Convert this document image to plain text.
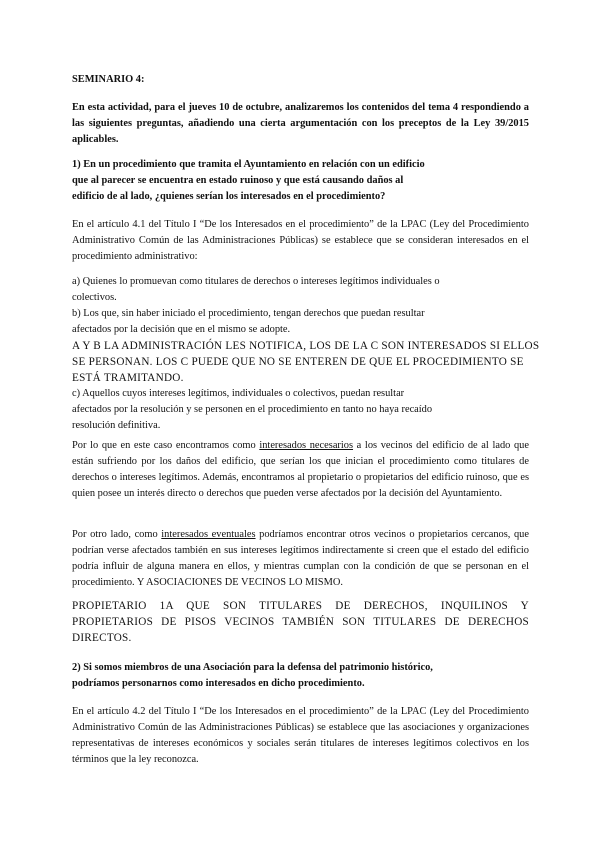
SEMINARIO 4:
En esta actividad, para el jueves 10 de octubre, analizaremos los contenidos del tema 4 respondiendo a las siguientes preguntas, añadiendo una cierta argumentación con los preceptos de la Ley 39/2015 aplicables.
1) En un procedimiento que tramita el Ayuntamiento en relación con un edificio
que al parecer se encuentra en estado ruinoso y que está causando daños al
edificio de al lado, ¿quienes serían los interesados en el procedimiento?
En el artículo 4.1 del Título I “De los Interesados en el procedimiento” de la LPAC (Ley del Procedimiento Administrativo Común de las Administraciones Públicas) se establece que se consideran interesados en el procedimiento administrativo:
a) Quienes lo promuevan como titulares de derechos o intereses legítimos individuales o
colectivos.
b) Los que, sin haber iniciado el procedimiento, tengan derechos que puedan resultar
afectados por la decisión que en el mismo se adopte.
A Y B LA ADMINISTRACIÓN LES NOTIFICA, LOS DE LA C SON INTERESADOS SI ELLOS
SE PERSONAN. LOS C PUEDE QUE NO SE ENTEREN DE QUE EL PROCEDIMIENTO SE
ESTÁ TRAMITANDO.
c) Aquellos cuyos intereses legítimos, individuales o colectivos, puedan resultar
afectados por la resolución y se personen en el procedimiento en tanto no haya recaído
resolución definitiva.
Por lo que en este caso encontramos como interesados necesarios a los vecinos del edificio de al lado que están sufriendo por los daños del edificio, que serían los que inician el procedimiento como titulares de derechos o intereses legítimos. Además, encontramos al propietario o propietarios del edificio ruinoso, que es quien posee un interés directo o derechos que pueden verse afectados por la decisión del Ayuntamiento.
Por otro lado, como interesados eventuales podríamos encontrar otros vecinos o propietarios cercanos, que podrían verse afectados también en sus intereses legítimos indirectamente si creen que el estado del edificio podría influir de alguna manera en ellos, y mientras cumplan con la condición de que se personan en el procedimiento. Y ASOCIACIONES DE VECINOS LO MISMO.
PROPIETARIO 1A QUE SON TITULARES DE DERECHOS, INQUILINOS Y PROPIETARIOS DE PISOS VECINOS TAMBIÉN SON TITULARES DE DERECHOS DIRECTOS.
2) Si somos miembros de una Asociación para la defensa del patrimonio histórico,
podríamos personarnos como interesados en dicho procedimiento.
En el artículo 4.2 del Título I “De los Interesados en el procedimiento” de la LPAC (Ley del Procedimiento Administrativo Común de las Administraciones Públicas) se establece que las asociaciones y organizaciones representativas de intereses económicos y sociales serán titulares de intereses legítimos colectivos en los términos que la ley reconozca.
